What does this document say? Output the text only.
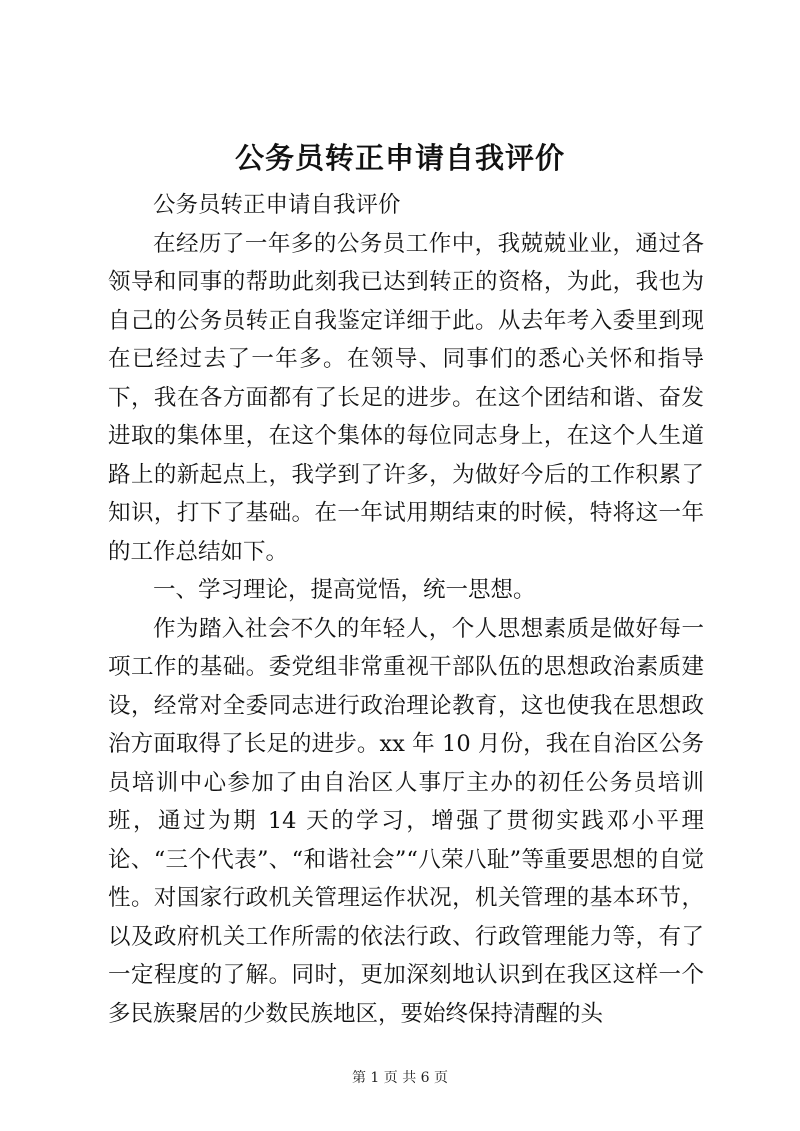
公务员转正申请自我评价

公务员转正申请自我评价

在经历了一年多的公务员工作中，我兢兢业业，通过各领导和同事的帮助此刻我已达到转正的资格，为此，我也为自己的公务员转正自我鉴定详细于此。从去年考入委里到现在已经过去了一年多。在领导、同事们的悉心关怀和指导下，我在各方面都有了长足的进步。在这个团结和谐、奋发进取的集体里，在这个集体的每位同志身上，在这个人生道路上的新起点上，我学到了许多，为做好今后的工作积累了知识，打下了基础。在一年试用期结束的时候，特将这一年的工作总结如下。

一、学习理论，提高觉悟，统一思想。

作为踏入社会不久的年轻人，个人思想素质是做好每一项工作的基础。委党组非常重视干部队伍的思想政治素质建设，经常对全委同志进行政治理论教育，这也使我在思想政治方面取得了长足的进步。xx 年 10 月份，我在自治区公务员培训中心参加了由自治区人事厅主办的初任公务员培训班，通过为期 14 天的学习，增强了贯彻实践邓小平理论、“三个代表”、“和谐社会”“八荣八耻”等重要思想的自觉性。对国家行政机关管理运作状况，机关管理的基本环节，以及政府机关工作所需的依法行政、行政管理能力等，有了一定程度的了解。同时，更加深刻地认识到在我区这样一个多民族聚居的少数民族地区，要始终保持清醒的头

第 1 页 共 6 页
